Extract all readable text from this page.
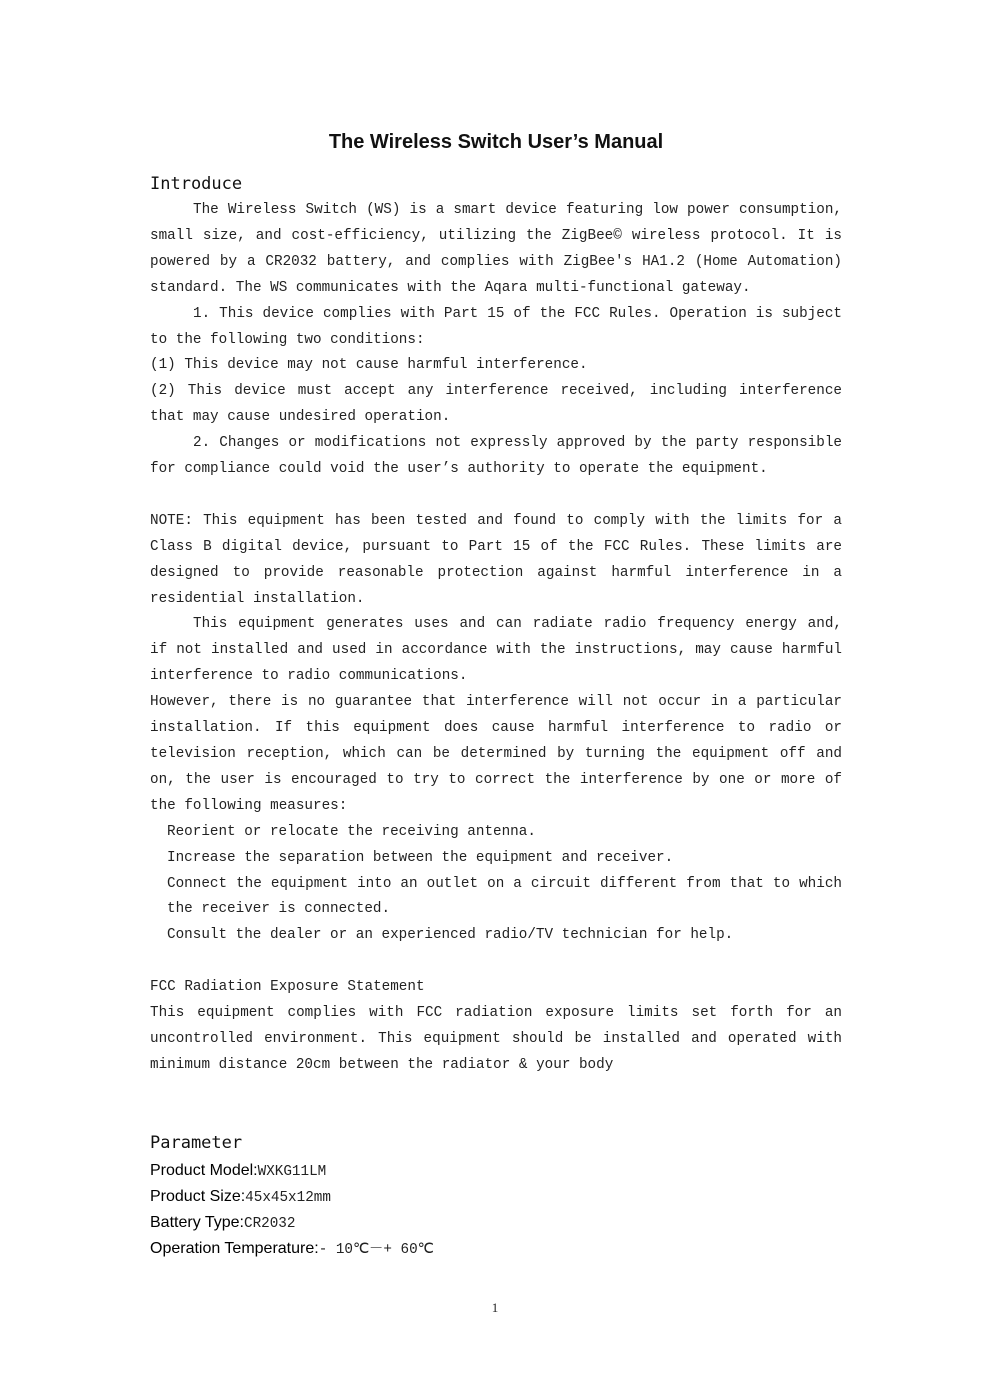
The Wireless Switch User’s Manual
Introduce

The Wireless Switch (WS) is a smart device featuring low power consumption, small size, and cost-efficiency, utilizing the ZigBee© wireless protocol. It is powered by a CR2032 battery, and complies with ZigBee's HA1.2 (Home Automation) standard. The WS communicates with the Aqara multi-functional gateway.

1. This device complies with Part 15 of the FCC Rules. Operation is subject to the following two conditions:

(1) This device may not cause harmful interference.

(2) This device must accept any interference received, including interference that may cause undesired operation.

2. Changes or modifications not expressly approved by the party responsible for compliance could void the user’s authority to operate the equipment.

NOTE: This equipment has been tested and found to comply with the limits for a Class B digital device, pursuant to Part 15 of the FCC Rules. These limits are designed to provide reasonable protection against harmful interference in a residential installation.

This equipment generates uses and can radiate radio frequency energy and, if not installed and used in accordance with the instructions, may cause harmful interference to radio communications.

However, there is no guarantee that interference will not occur in a particular installation. If this equipment does cause harmful interference to radio or television reception, which can be determined by turning the equipment off and on, the user is encouraged to try to correct the interference by one or more of the following measures:

Reorient or relocate the receiving antenna.

Increase the separation between the equipment and receiver.

Connect the equipment into an outlet on a circuit different from that to which the receiver is connected.

Consult the dealer or an experienced radio/TV technician for help.

FCC Radiation Exposure Statement

This equipment complies with FCC radiation exposure limits set forth for an uncontrolled environment. This equipment should be installed and operated with minimum distance 20cm between the radiator & your body

Parameter
Product Model:WXKG11LM
Product Size:45x45x12mm
Battery Type:CR2032
Operation Temperature:- 10℃－+ 60℃
1
